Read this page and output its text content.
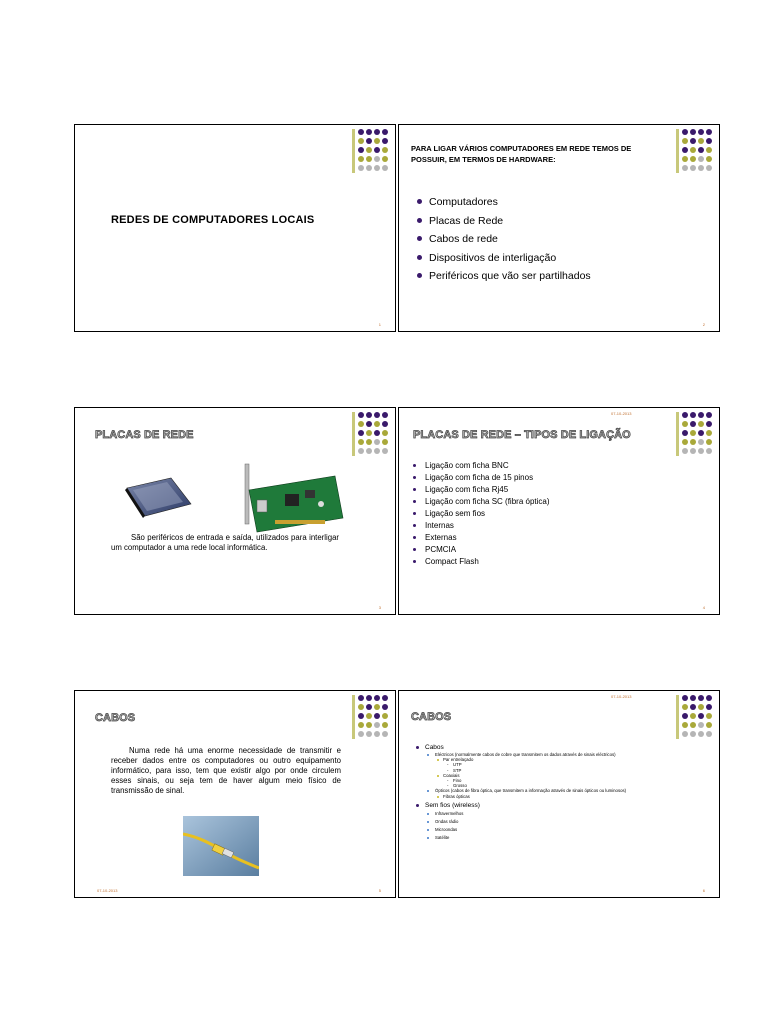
REDES DE COMPUTADORES LOCAIS
1
PARA LIGAR VÁRIOS COMPUTADORES EM REDE TEMOS DE POSSUIR, EM TERMOS DE HARDWARE:
Computadores
Placas de Rede
Cabos de rede
Dispositivos de interligação
Periféricos que vão ser partilhados
2
PLACAS DE REDE
São periféricos de entrada e saída, utilizados para interligar um computador a uma rede local informática.
3
07-10-2013
PLACAS DE REDE – TIPOS DE LIGAÇÃO
Ligação com ficha BNC
Ligação com ficha de 15 pinos
Ligação com ficha Rj45
Ligação com ficha SC (fibra óptica)
Ligação sem fios
Internas
Externas
PCMCIA
Compact Flash
4
CABOS
Numa rede há uma enorme necessidade de transmitir e receber dados entre os computadores ou outro equipamento informático, para isso, tem que existir algo por onde circulem esses sinais, ou seja tem de haver algum meio físico de transmissão de sinal.
07-10-2013	5
07-10-2013
CABOS
Cabos
Eléctricos (normalmente cabos de cobre que transmitem os dados através de sinais eléctricos)
Par entrelaçado
- UTP
- STP
Coaxiais
- Fino
- Grosso
Ópticos (cabos de fibra óptica, que transmitem a informação através de sinais ópticos ou luminosos)
Fibras ópticas
Sem fios (wireless)
Infravermelhos
Ondas rádio
Microondas
Satélite
6
